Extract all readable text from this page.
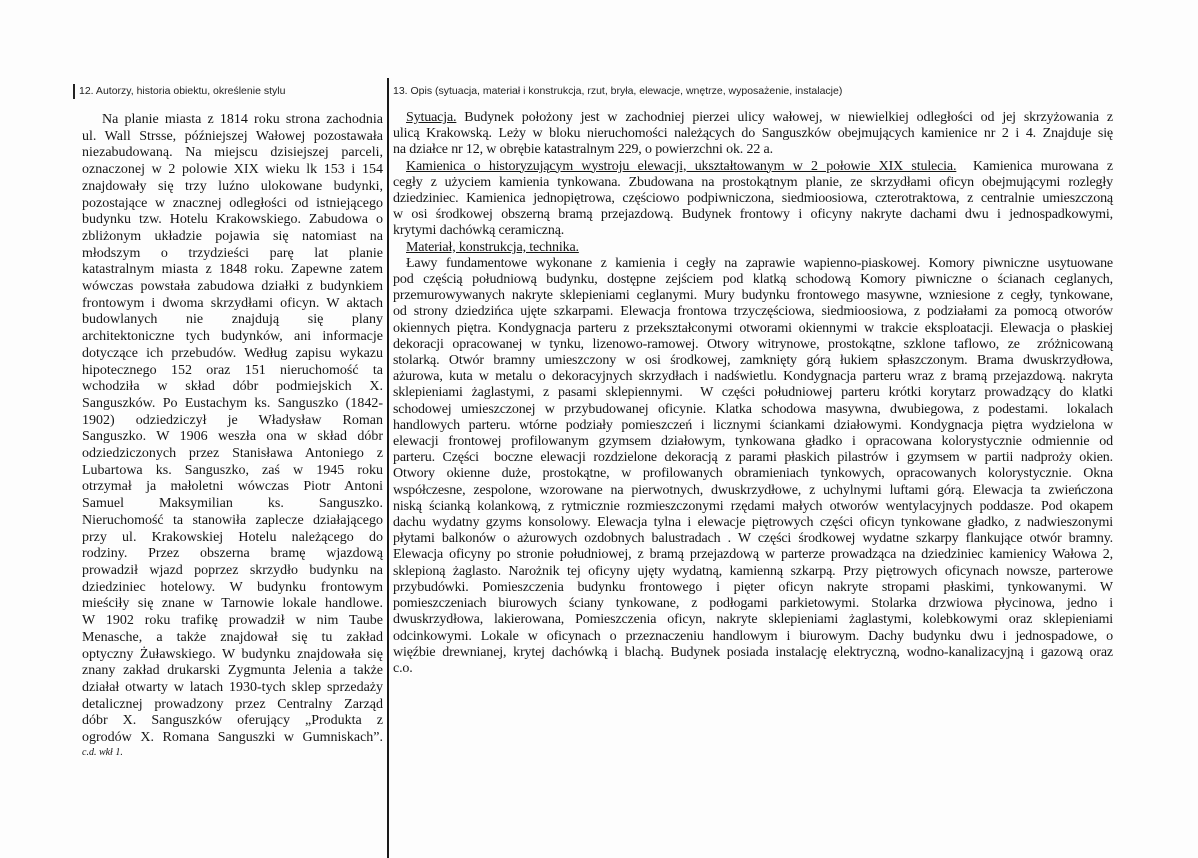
12. Autorzy, historia obiektu, określenie stylu	13. Opis (sytuacja, materiał i konstrukcja, rzut, bryła, elewacje, wnętrze, wyposażenie, instalacje)
Na planie miasta z 1814 roku strona zachodnia
ul. Wall Strsse, późniejszej Wałowej pozostawała
niezabudowaną. Na miejscu dzisiejszej parceli,
oznaczonej w 2 polowie XIX wieku lk 153 i 154
znajdowały się trzy luźno ulokowane budynki,
pozostające w znacznej odległości od istniejącego
budynku tzw. Hotelu Krakowskiego. Zabudowa o
zbliżonym układzie pojawia się natomiast na
młodszym o trzydzieści parę lat planie
katastralnym miasta z 1848 roku. Zapewne zatem
wówczas powstała zabudowa działki z budynkiem
frontowym i dwoma skrzydłami oficyn. W aktach
budowlanych nie znajdują się plany
architektoniczne tych budynków, ani informacje
dotyczące ich przebudów. Według zapisu wykazu
hipotecznego 152 oraz 151 nieruchomość ta
wchodziła w skład dóbr podmiejskich X.
Sanguszków. Po Eustachym ks. Sanguszko (1842-
1902) odziedziczył je Władysław Roman
Sanguszko. W 1906 weszła ona w skład dóbr
odziedziczonych przez Stanisława Antoniego z
Lubartowa ks. Sanguszko, zaś w 1945 roku
otrzymał ja małoletni wówczas Piotr Antoni
Samuel Maksymilian ks. Sanguszko.
Nieruchomość ta stanowiła zaplecze działającego
przy ul. Krakowskiej Hotelu należącego do
rodziny. Przez obszerna bramę wjazdową
prowadził wjazd poprzez skrzydło budynku na
dziedziniec hotelowy. W budynku frontowym
mieściły się znane w Tarnowie lokale handlowe.
W 1902 roku trafikę prowadził w nim Taube
Menasche, a także znajdował się tu zakład
optyczny Żuławskiego. W budynku znajdowała się
znany zakład drukarski Zygmunta Jelenia a także
działał otwarty w latach 1930-tych sklep sprzedaży
detalicznej prowadzony przez Centralny Zarząd
dóbr X. Sanguszków oferujący „Produkta z
ogrodów X. Romana Sanguszki w Gumniskach”.
c.d. wkł 1.
Sytuacja. Budynek położony jest w zachodniej pierzei ulicy wałowej, w niewielkiej odległości od jej skrzyżowania z
ulicą Krakowską. Leży w bloku nieruchomości należących do Sanguszków obejmujących kamienice nr 2 i 4. Znajduje się
na działce nr 12, w obrębie katastralnym 229, o powierzchni ok. 22 a.
Kamienica o historyzującym wystroju elewacji, ukształtowanym w 2 połowie XIX stulecia.  Kamienica murowana z
cegły z użyciem kamienia tynkowana. Zbudowana na prostokątnym planie, ze skrzydłami oficyn obejmującymi rozległy
dziedziniec. Kamienica jednopiętrowa, częściowo podpiwniczona, siedmioosiowa, czterotraktowa, z centralnie umieszczoną
w osi środkowej obszerną bramą przejazdową. Budynek frontowy i oficyny nakryte dachami dwu i jednospadkowymi,
krytymi dachówką ceramiczną.
Materiał, konstrukcja, technika.
Ławy fundamentowe wykonane z kamienia i cegły na zaprawie wapienno-piaskowej. Komory piwniczne usytuowane
pod częścią południową budynku, dostępne zejściem pod klatką schodową Komory piwniczne o ścianach ceglanych,
przemurowywanych nakryte sklepieniami ceglanymi. Mury budynku frontowego masywne, wzniesione z cegły, tynkowane,
od strony dziedzińca ujęte szkarpami. Elewacja frontowa trzyczęściowa, siedmioosiowa, z podziałami za pomocą otworów
okiennych piętra. Kondygnacja parteru z przekształconymi otworami okiennymi w trakcie eksploatacji. Elewacja o płaskiej
dekoracji opracowanej w tynku, lizenowo-ramowej. Otwory witrynowe, prostokątne, szklone taflowo, ze  zróżnicowaną
stolarką. Otwór bramny umieszczony w osi środkowej, zamknięty górą łukiem spłaszczonym. Brama dwuskrzydłowa,
ażurowa, kuta w metalu o dekoracyjnych skrzydłach i nadświetlu. Kondygnacja parteru wraz z bramą przejazdową. nakryta
sklepieniami żaglastymi, z pasami sklepiennymi.  W części południowej parteru krótki korytarz prowadzący do klatki
schodowej umieszczonej w przybudowanej oficynie. Klatka schodowa masywna, dwubiegowa, z podestami.  lokalach
handlowych parteru. wtórne podziały pomieszczeń i licznymi ściankami działowymi. Kondygnacja piętra wydzielona w
elewacji frontowej profilowanym gzymsem działowym, tynkowana gładko i opracowana kolorystycznie odmiennie od
parteru. Części  boczne elewacji rozdzielone dekoracją z parami płaskich pilastrów i gzymsem w partii nadproży okien.
Otwory okienne duże, prostokątne, w profilowanych obramieniach tynkowych, opracowanych kolorystycznie. Okna
współczesne, zespolone, wzorowane na pierwotnych, dwuskrzydłowe, z uchylnymi luftami górą. Elewacja ta zwieńczona
niską ścianką kolankową, z rytmicznie rozmieszczonymi rzędami małych otworów wentylacyjnych poddasze. Pod okapem
dachu wydatny gzyms konsolowy. Elewacja tylna i elewacje piętrowych części oficyn tynkowane gładko, z nadwieszonymi
płytami balkonów o ażurowych ozdobnych balustradach . W części środkowej wydatne szkarpy flankujące otwór bramny.
Elewacja oficyny po stronie południowej, z bramą przejazdową w parterze prowadząca na dziedziniec kamienicy Wałowa 2,
sklepioną żaglasto. Narożnik tej oficyny ujęty wydatną, kamienną szkarpą. Przy piętrowych oficynach nowsze, parterowe
przybudówki. Pomieszczenia budynku frontowego i pięter oficyn nakryte stropami płaskimi, tynkowanymi. W
pomieszczeniach biurowych ściany tynkowane, z podłogami parkietowymi. Stolarka drzwiowa płycinowa, jedno i
dwuskrzydłowa, lakierowana, Pomieszczenia oficyn, nakryte sklepieniami żaglastymi, kolebkowymi oraz sklepieniami
odcinkowymi. Lokale w oficynach o przeznaczeniu handlowym i biurowym. Dachy budynku dwu i jednospadowe, o
więźbie drewnianej, krytej dachówką i blachą. Budynek posiada instalację elektryczną, wodno-kanalizacyjną i gazową oraz
c.o.
